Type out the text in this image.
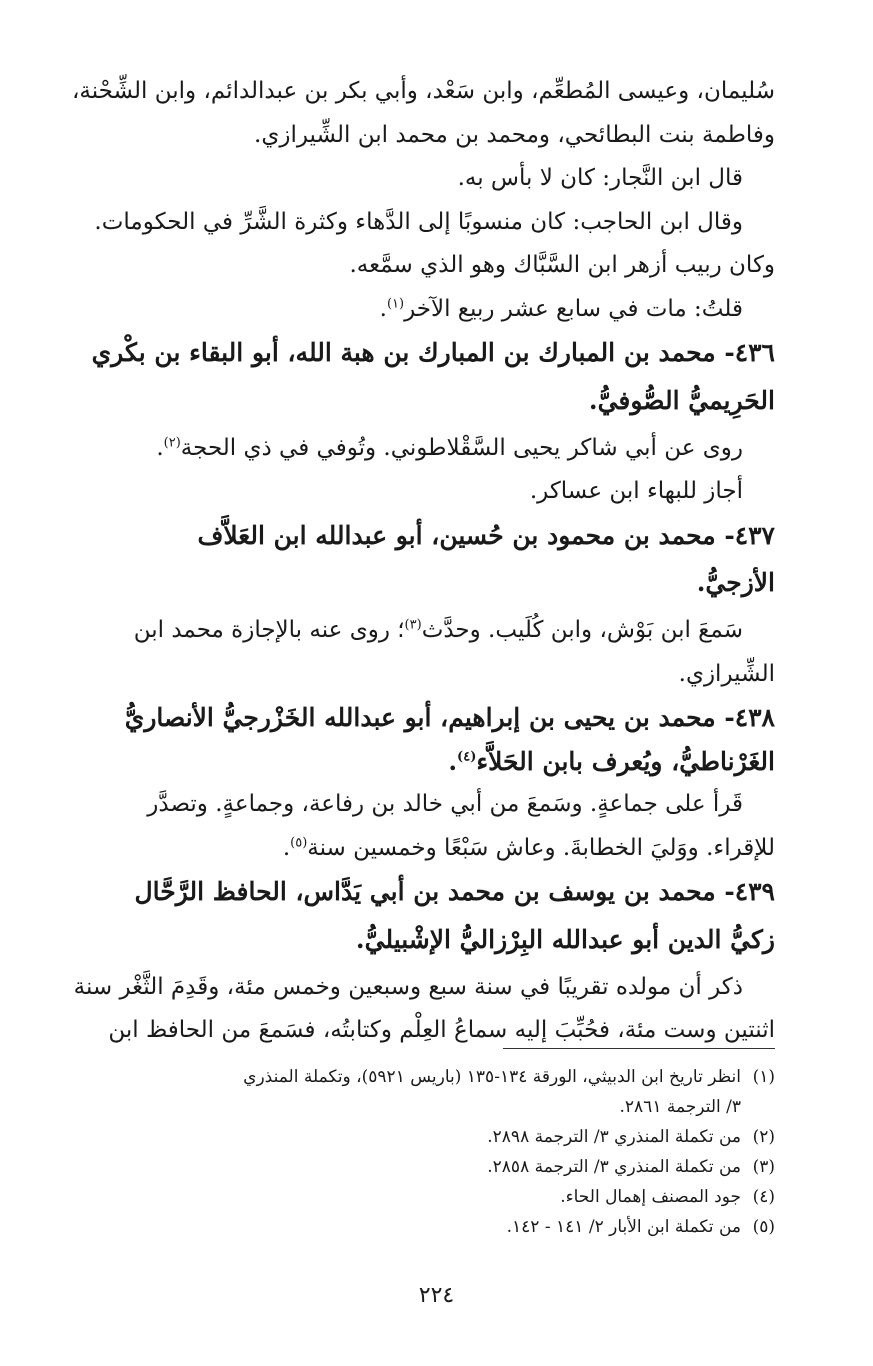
سُليمان، وعيسى المُطعِّم، وابن سَعْد، وأبي بكر بن عبدالدائم، وابن الشِّحْنة،
وفاطمة بنت البطائحي، ومحمد بن محمد ابن الشِّيرازي.
قال ابن النَّجار: كان لا بأس به.
وقال ابن الحاجب: كان منسوبًا إلى الدَّهاء وكثرة الشَّرِّ في الحكومات.
وكان ربيب أزهر ابن السَّبَّاك وهو الذي سمَّعه.
قلتُ: مات في سابع عشر ربيع الآخر$^{(١)}$.
٤٣٦- محمد بن المبارك بن المبارك بن هبة الله، أبو البقاء بن بكْري
الحَرِيميُّ الصُّوفيُّ.
روى عن أبي شاكر يحيى السَّقْلاطوني. وتُوفي في ذي الحجة$^{(٢)}$.
أجاز للبهاء ابن عساكر.
٤٣٧- محمد بن محمود بن حُسين، أبو عبدالله ابن العَلاَّف
الأزجيُّ.
سَمعَ ابن بَوْش، وابن كُلَيب. وحدَّث$^{(٣)}$؛ روى عنه بالإجازة محمد ابن
الشِّيرازي.
٤٣٨- محمد بن يحيى بن إبراهيم، أبو عبدالله الخَزْرجيُّ الأنصاريُّ
الغَرْناطيُّ، ويُعرف بابن الحَلاَّء$^{(٤)}$.
قَرأ على جماعةٍ. وسَمعَ من أبي خالد بن رفاعة، وجماعةٍ. وتصدَّر
للإقراء. ووَليَ الخطابةَ. وعاش سَبْعًا وخمسين سنة$^{(٥)}$.
٤٣٩- محمد بن يوسف بن محمد بن أبي يَدَّاس، الحافظ الرَّحَّال
زكيُّ الدين أبو عبدالله البِرْزاليُّ الإشْبيليُّ.
ذكر أن مولده تقريبًا في سنة سبع وسبعين وخمس مئة، وقَدِمَ الثَّغْر سنة
اثنتين وست مئة، فحُبِّبَ إليه سماعُ العِلْم وكتابتُه، فسَمعَ من الحافظ ابن
(١)انظر تاريخ ابن الدبيثي، الورقة ١٣٤-١٣٥ (باريس ٥٩٢١)، وتكملة المنذري
٣/ الترجمة ٢٨٦١.
(٢)من تكملة المنذري ٣/ الترجمة ٢٨٩٨.
(٣)من تكملة المنذري ٣/ الترجمة ٢٨٥٨.
(٤)جود المصنف إهمال الحاء.
(٥)من تكملة ابن الأبار ٢/ ١٤١ - ١٤٢.
٢٢٤
